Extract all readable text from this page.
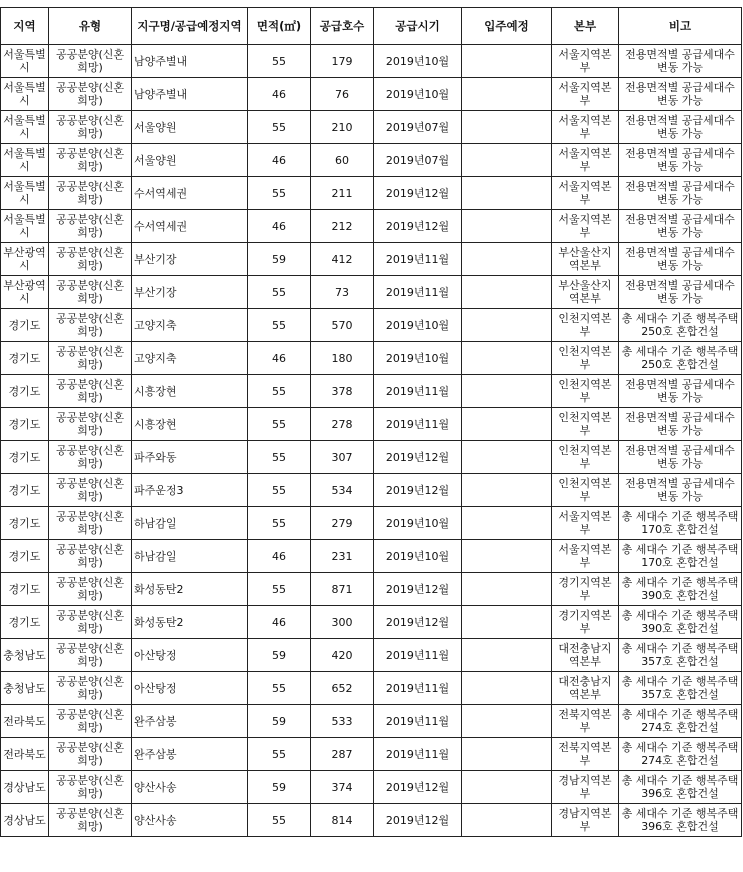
지역	유형	지구명/공급예정지역	면적(㎡)	공급호수	공급시기	입주예정	본부	비고
서울특별시	공공분양(신혼희망)	남양주별내	55	179	2019년10월		서울지역본부	전용면적별 공급세대수 변동 가능
서울특별시	공공분양(신혼희망)	남양주별내	46	76	2019년10월		서울지역본부	전용면적별 공급세대수 변동 가능
서울특별시	공공분양(신혼희망)	서울양원	55	210	2019년07월		서울지역본부	전용면적별 공급세대수 변동 가능
서울특별시	공공분양(신혼희망)	서울양원	46	60	2019년07월		서울지역본부	전용면적별 공급세대수 변동 가능
서울특별시	공공분양(신혼희망)	수서역세권	55	211	2019년12월		서울지역본부	전용면적별 공급세대수 변동 가능
서울특별시	공공분양(신혼희망)	수서역세권	46	212	2019년12월		서울지역본부	전용면적별 공급세대수 변동 가능
부산광역시	공공분양(신혼희망)	부산기장	59	412	2019년11월		부산울산지역본부	전용면적별 공급세대수 변동 가능
부산광역시	공공분양(신혼희망)	부산기장	55	73	2019년11월		부산울산지역본부	전용면적별 공급세대수 변동 가능
경기도	공공분양(신혼희망)	고양지축	55	570	2019년10월		인천지역본부	총 세대수 기준 행복주택 250호 혼합건설
경기도	공공분양(신혼희망)	고양지축	46	180	2019년10월		인천지역본부	총 세대수 기준 행복주택 250호 혼합건설
경기도	공공분양(신혼희망)	시흥장현	55	378	2019년11월		인천지역본부	전용면적별 공급세대수 변동 가능
경기도	공공분양(신혼희망)	시흥장현	55	278	2019년11월		인천지역본부	전용면적별 공급세대수 변동 가능
경기도	공공분양(신혼희망)	파주와동	55	307	2019년12월		인천지역본부	전용면적별 공급세대수 변동 가능
경기도	공공분양(신혼희망)	파주운정3	55	534	2019년12월		인천지역본부	전용면적별 공급세대수 변동 가능
경기도	공공분양(신혼희망)	하남감일	55	279	2019년10월		서울지역본부	총 세대수 기준 행복주택 170호 혼합건설
경기도	공공분양(신혼희망)	하남감일	46	231	2019년10월		서울지역본부	총 세대수 기준 행복주택 170호 혼합건설
경기도	공공분양(신혼희망)	화성동탄2	55	871	2019년12월		경기지역본부	총 세대수 기준 행복주택 390호 혼합건설
경기도	공공분양(신혼희망)	화성동탄2	46	300	2019년12월		경기지역본부	총 세대수 기준 행복주택 390호 혼합건설
충청남도	공공분양(신혼희망)	아산탕정	59	420	2019년11월		대전충남지역본부	총 세대수 기준 행복주택 357호 혼합건설
충청남도	공공분양(신혼희망)	아산탕정	55	652	2019년11월		대전충남지역본부	총 세대수 기준 행복주택 357호 혼합건설
전라북도	공공분양(신혼희망)	완주삼봉	59	533	2019년11월		전북지역본부	총 세대수 기준 행복주택 274호 혼합건설
전라북도	공공분양(신혼희망)	완주삼봉	55	287	2019년11월		전북지역본부	총 세대수 기준 행복주택 274호 혼합건설
경상남도	공공분양(신혼희망)	양산사송	59	374	2019년12월		경남지역본부	총 세대수 기준 행복주택 396호 혼합건설
경상남도	공공분양(신혼희망)	양산사송	55	814	2019년12월		경남지역본부	총 세대수 기준 행복주택 396호 혼합건설
